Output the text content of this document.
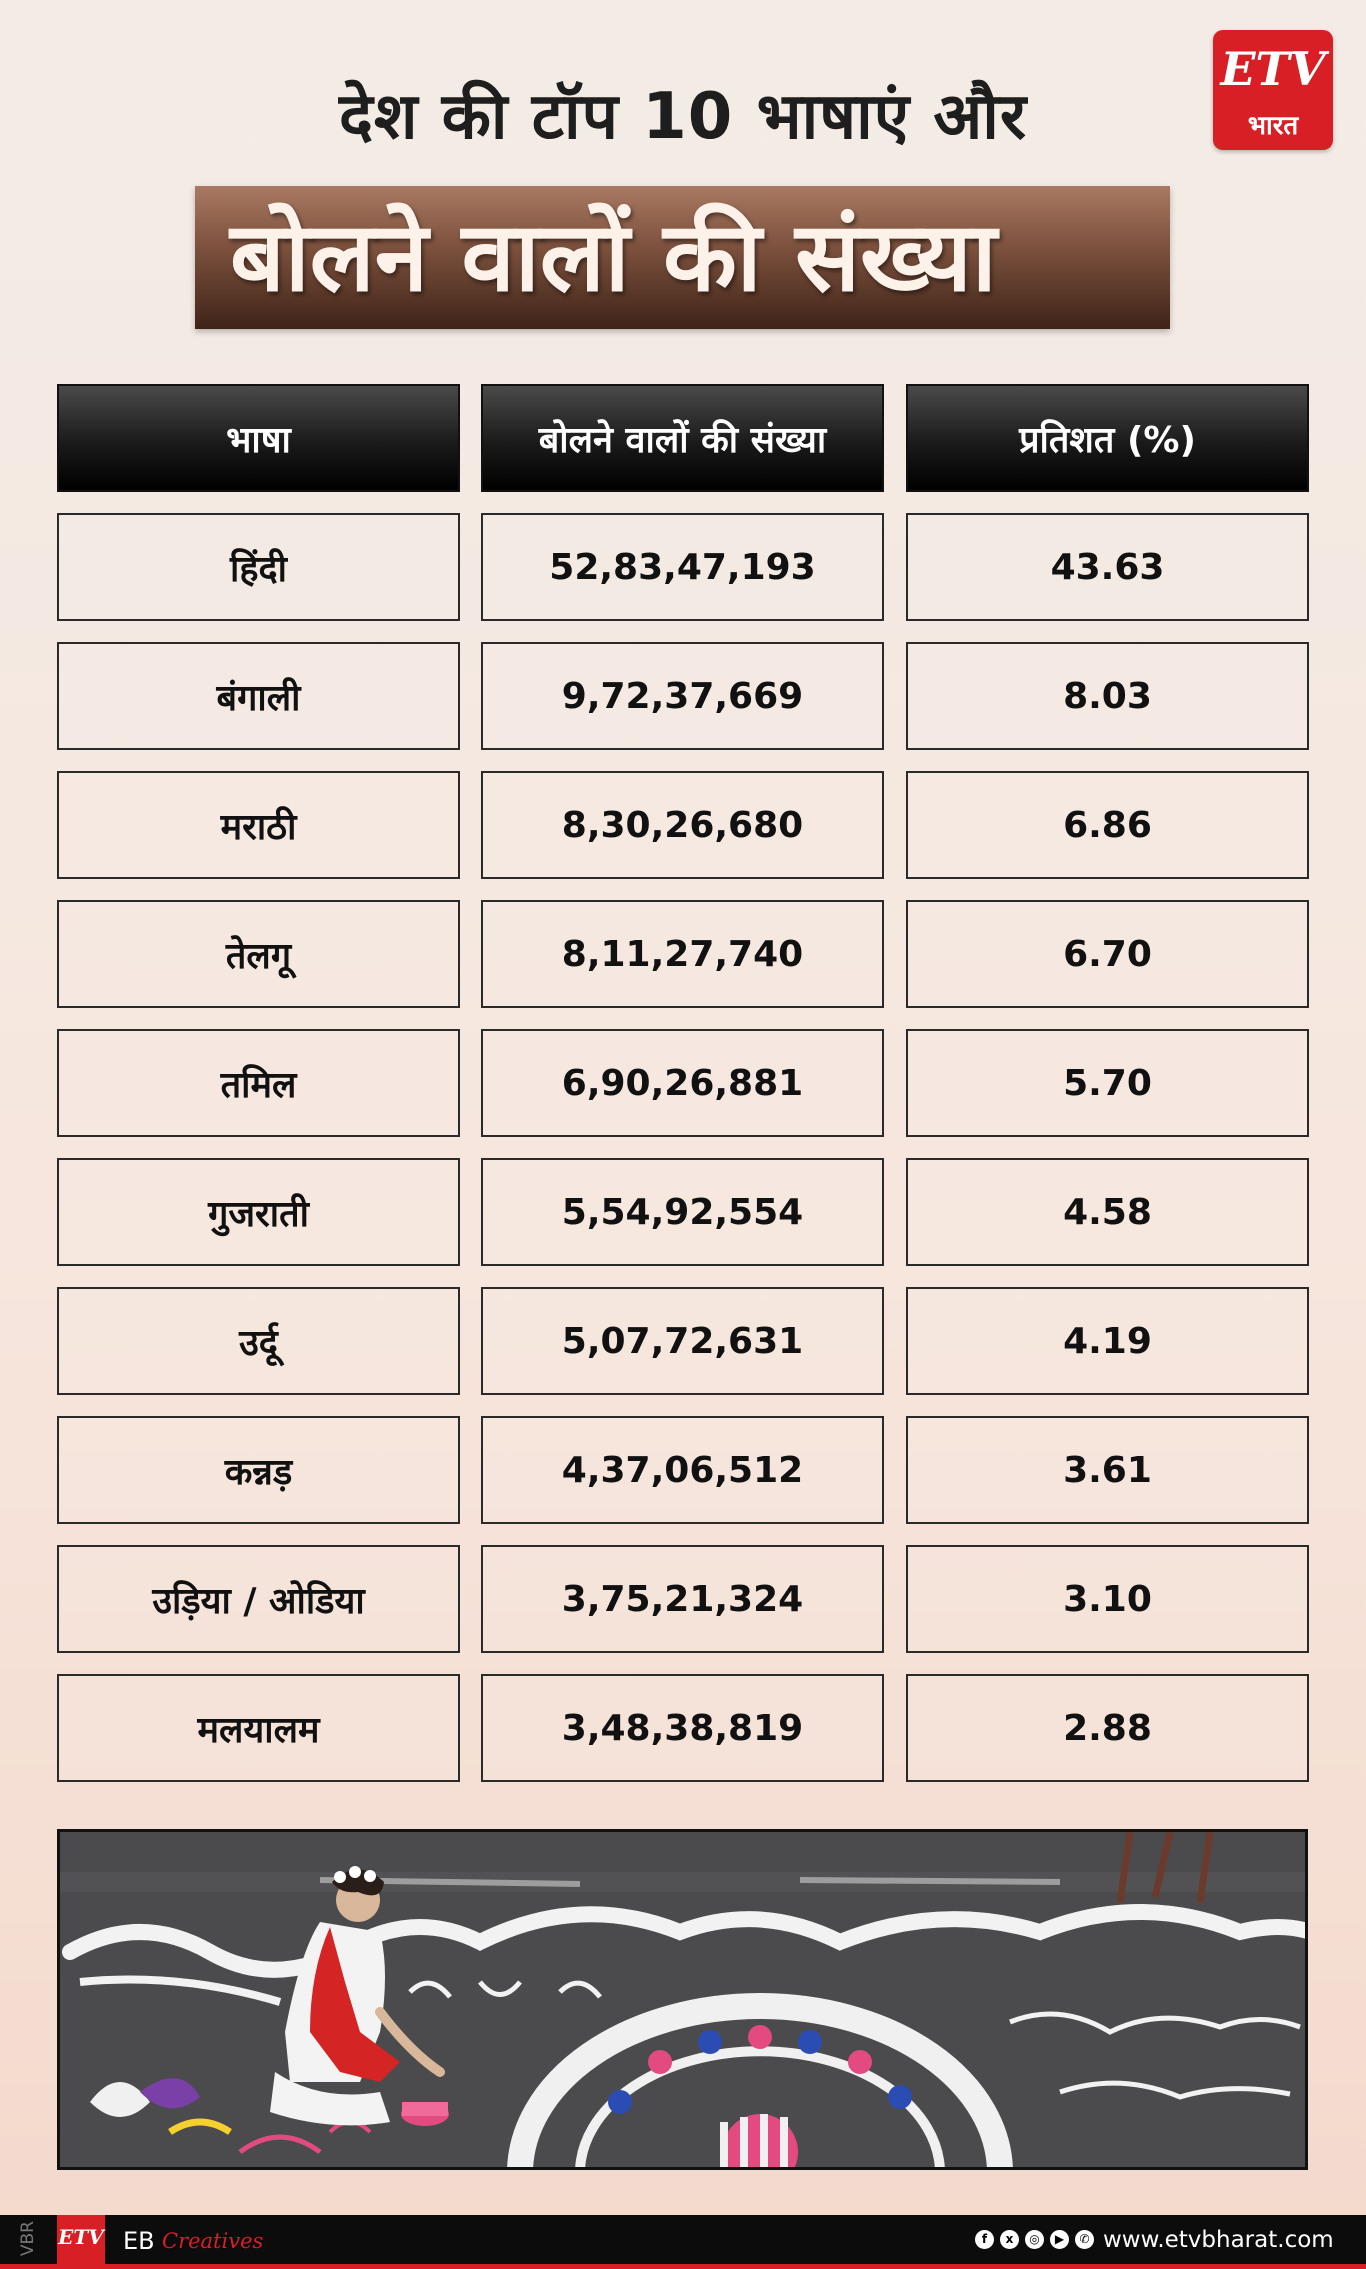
देश की टॉप 10 भाषाएं और
बोलने वालों की संख्या
ETV
भारत
भाषा	बोलने वालों की संख्या	प्रतिशत (%)
हिंदी	52,83,47,193	43.63
बंगाली	9,72,37,669	8.03
मराठी	8,30,26,680	6.86
तेलगू	8,11,27,740	6.70
तमिल	6,90,26,881	5.70
गुजराती	5,54,92,554	4.58
उर्दू	5,07,72,631	4.19
कन्नड़	4,37,06,512	3.61
उड़िया / ओडिया	3,75,21,324	3.10
मलयालम	3,48,38,819	2.88
VBR ETV EB Creatives	f	x	◎	▶	✆ www.etvbharat.com
